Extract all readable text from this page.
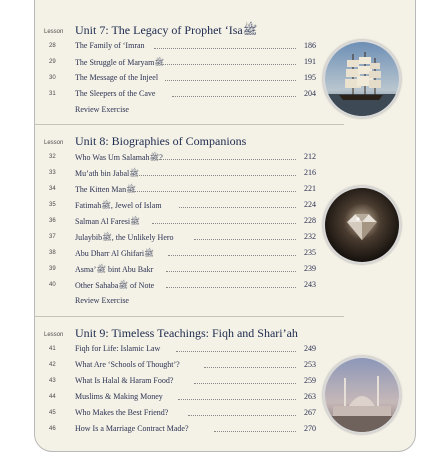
Lesson Unit 7: The Legacy of Prophet ‘Isaﷺ
28 The Family of ‘Imran	186
29 The Struggle of Maryamﷺ	191
30 The Message of the Injeel	195
31 The Sleepers of the Cave	204
Review Exercise
Lesson Unit 8: Biographies of Companions
32 Who Was Um Salamahﷺ?	212
33 Mu’ath bin Jabalﷺ	216
34 The Kitten Manﷺ	221
35 Fatimahﷺ, Jewel of Islam	224
36 Salman Al Faresiﷺ	228
37 Julaybibﷺ, the Unlikely Hero	232
38 Abu Dharr Al Ghifariﷺ	235
39 Asma’ﷺ bint Abu Bakr	239
40 Other Sahabaﷺ of Note	243
Review Exercise
Lesson Unit 9: Timeless Teachings: Fiqh and Shari’ah
41 Fiqh for Life: Islamic Law	249
42 What Are ‘Schools of Thought’?	253
43 What Is Halal & Haram Food?	259
44 Muslims & Making Money	263
45 Who Makes the Best Friend?	267
46 How Is a Marriage Contract Made?	270
